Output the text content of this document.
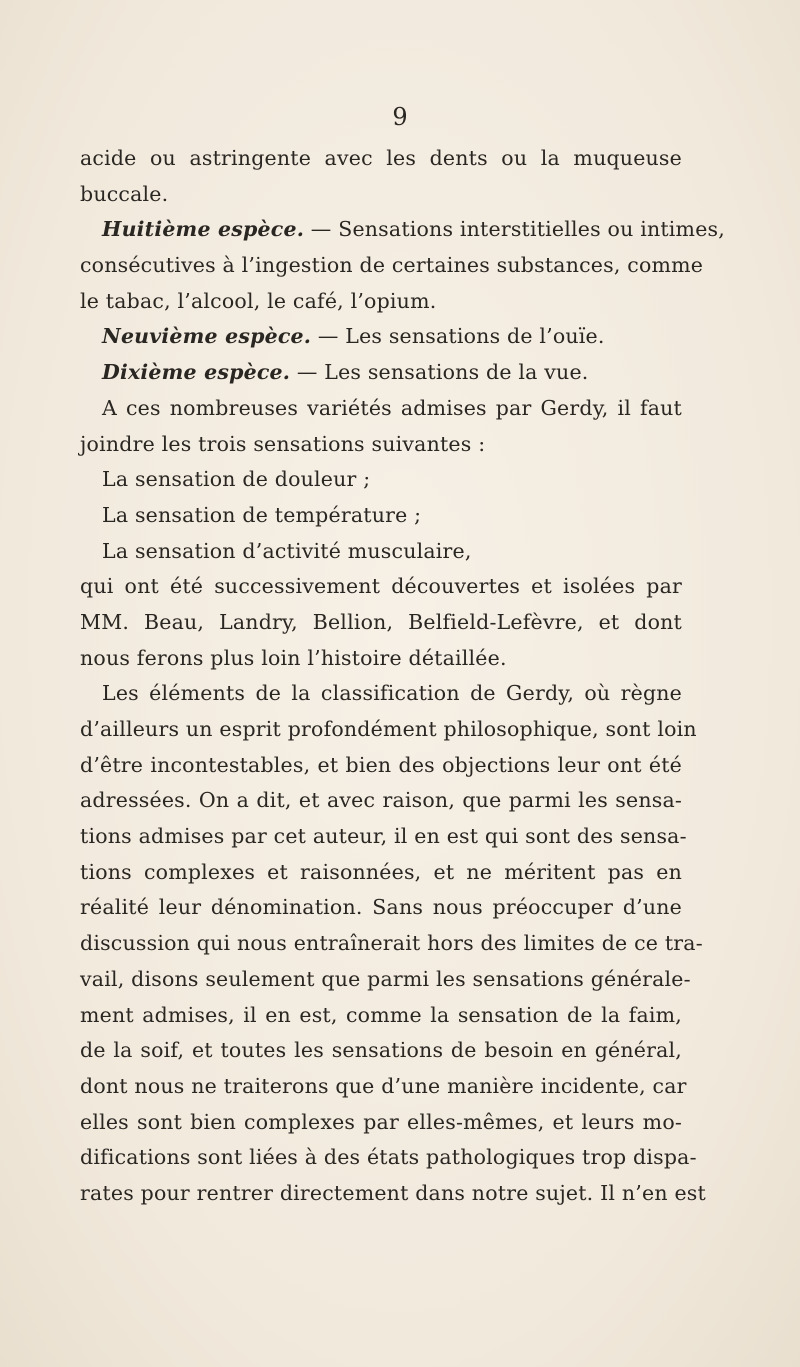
9
acide ou astringente avec les dents ou la muqueuse
buccale.
Huitième espèce. — Sensations interstitielles ou intimes,
consécutives à l’ingestion de certaines substances, comme
le tabac, l’alcool, le café, l’opium.
Neuvième espèce. — Les sensations de l’ouïe.
Dixième espèce. — Les sensations de la vue.
A ces nombreuses variétés admises par Gerdy, il faut
joindre les trois sensations suivantes :
La sensation de douleur ;
La sensation de température ;
La sensation d’activité musculaire,
qui ont été successivement découvertes et isolées par
MM. Beau, Landry, Bellion, Belfield-Lefèvre, et dont
nous ferons plus loin l’histoire détaillée.
Les éléments de la classification de Gerdy, où règne
d’ailleurs un esprit profondément philosophique, sont loin
d’être incontestables, et bien des objections leur ont été
adressées. On a dit, et avec raison, que parmi les sensa-
tions admises par cet auteur, il en est qui sont des sensa-
tions complexes et raisonnées, et ne méritent pas en
réalité leur dénomination. Sans nous préoccuper d’une
discussion qui nous entraînerait hors des limites de ce tra-
vail, disons seulement que parmi les sensations générale-
ment admises, il en est, comme la sensation de la faim,
de la soif, et toutes les sensations de besoin en général,
dont nous ne traiterons que d’une manière incidente, car
elles sont bien complexes par elles-mêmes, et leurs mo-
difications sont liées à des états pathologiques trop dispa-
rates pour rentrer directement dans notre sujet. Il n’en est
